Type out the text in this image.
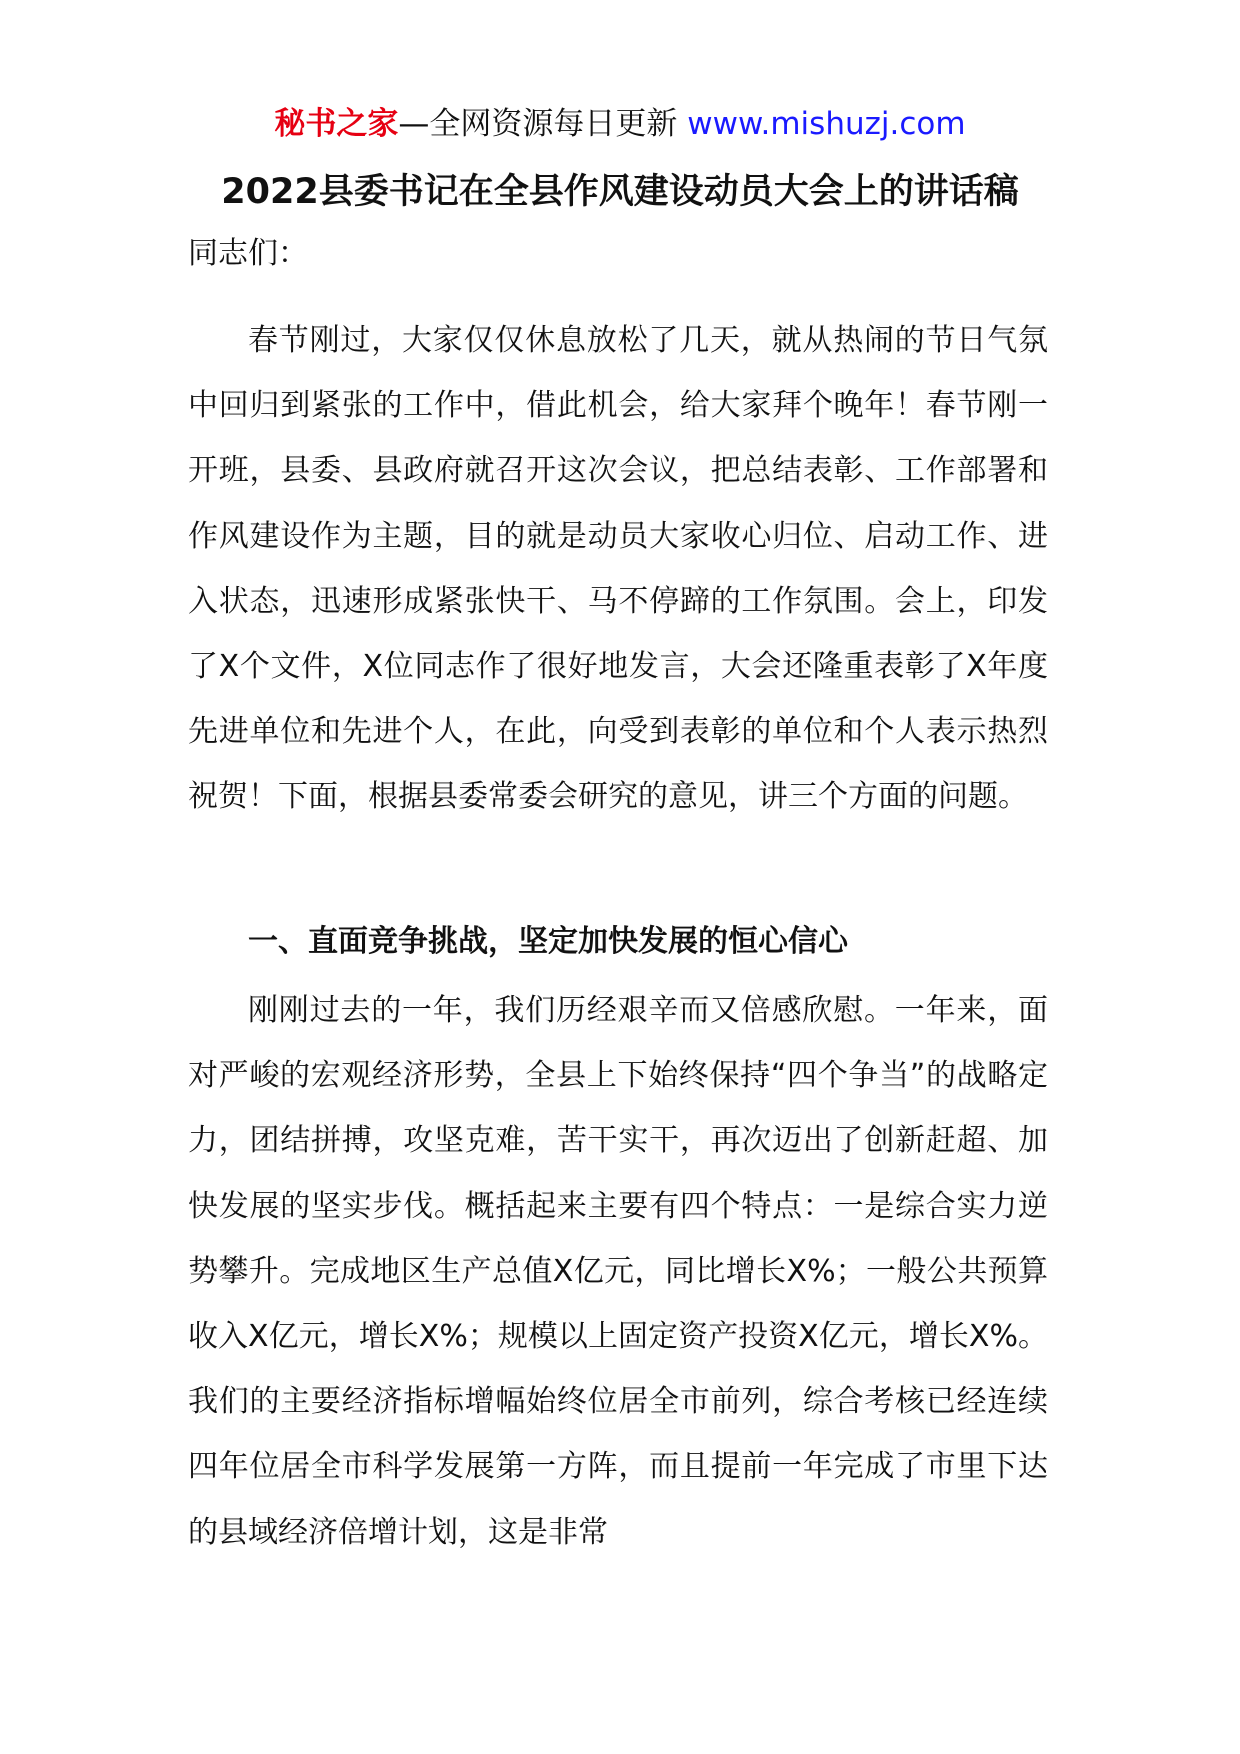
秘书之家—全网资源每日更新 www.mishuzj.com
2022县委书记在全县作风建设动员大会上的讲话稿
同志们：

春节刚过，大家仅仅休息放松了几天，就从热闹的节日气氛中回归到紧张的工作中，借此机会，给大家拜个晚年！春节刚一开班，县委、县政府就召开这次会议，把总结表彰、工作部署和作风建设作为主题，目的就是动员大家收心归位、启动工作、进入状态，迅速形成紧张快干、马不停蹄的工作氛围。会上，印发了X个文件，X位同志作了很好地发言，大会还隆重表彰了X年度先进单位和先进个人，在此，向受到表彰的单位和个人表示热烈祝贺！下面，根据县委常委会研究的意见，讲三个方面的问题。

一、直面竞争挑战，坚定加快发展的恒心信心

刚刚过去的一年，我们历经艰辛而又倍感欣慰。一年来，面对严峻的宏观经济形势，全县上下始终保持“四个争当”的战略定力，团结拼搏，攻坚克难，苦干实干，再次迈出了创新赶超、加快发展的坚实步伐。概括起来主要有四个特点：一是综合实力逆势攀升。完成地区生产总值X亿元，同比增长X%；一般公共预算收入X亿元，增长X%；规模以上固定资产投资X亿元，增长X%。我们的主要经济指标增幅始终位居全市前列，综合考核已经连续四年位居全市科学发展第一方阵，而且提前一年完成了市里下达的县域经济倍增计划，这是非常
